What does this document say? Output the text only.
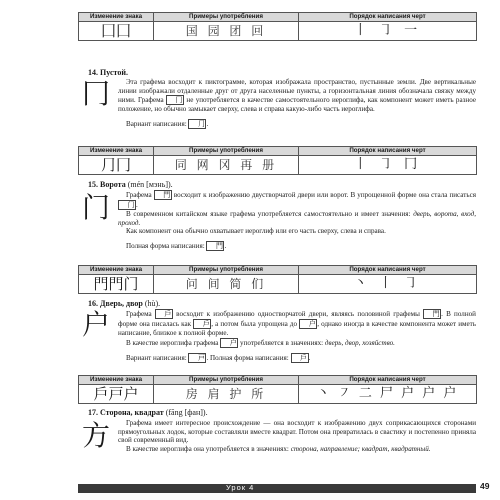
Изменение знака	Примеры употребления	Порядок написания черт
⼞⼞	国 园 团 回	丨 ㇆ 一
14. Пустой.
⼌	Эта графема восходит к пиктограмме, которая изображала пространство, пустынные земли. Две вертикальные линии изображали отдаленные друг от друга населенные пункты, а горизонтальная линия обозначала связку между ними. Графема ⼌ не употребляется в качестве самостоятельного иероглифа, как компонент может иметь разное положение, но обычно замыкает сверху, слева и справа какую-либо часть иероглифа.

Вариант написания: ⺆ .

Изменение знака	Примеры употребления	Порядок написания черт
⺆⼌	同 网 冈 再 册	丨 ㇆ 冂
15. Ворота (mén [мэнь]).
门	Графема 門 восходит к изображению двустворчатой двери или ворот. В упрощенной форме она стала писаться 门 .

В современном китайском языке графема употребляется самостоятельно и имеет значения: дверь, ворота, вход, проход.

Как компонент она обычно охватывает иероглиф или его часть сверху, слева и справа.

Полная форма написания: 門 .

Изменение знака	Примеры употребления	Порядок написания черт
門門门	问 间 简 们	丶 丨 ㇆
16. Дверь, двор (hù).
户	Графема 戶 восходит к изображению одностворчатой двери, являясь половиной графемы 門 . В полной форме она писалась как 戶 , а потом была упрощена до 户 , однако иногда в качестве компонента может иметь написание, близкое к полной форме.

В качестве иероглифа графема 户 употребляется в значениях: дверь, двор, хозяйство.

Вариант написания: 戸 . Полная форма написания: 戶 .

Изменение знака	Примеры употребления	Порядок написания черт
戶戸户	房 肩 护 所	丶 ㇇ 二 尸 户 户 户
17. Сторона, квадрат (fāng [фан]).
方	Графема имеет интересное происхождение — она восходит к изображению двух соприкасающихся сторонами прямоугольных лодок, которые составляли вместе квадрат. Потом она превратилась в свастику и постепенно приняла свой современный вид.

В качестве иероглифа она употребляется в значениях: сторона, направление; квадрат, квадратный.

Урок 4	49
